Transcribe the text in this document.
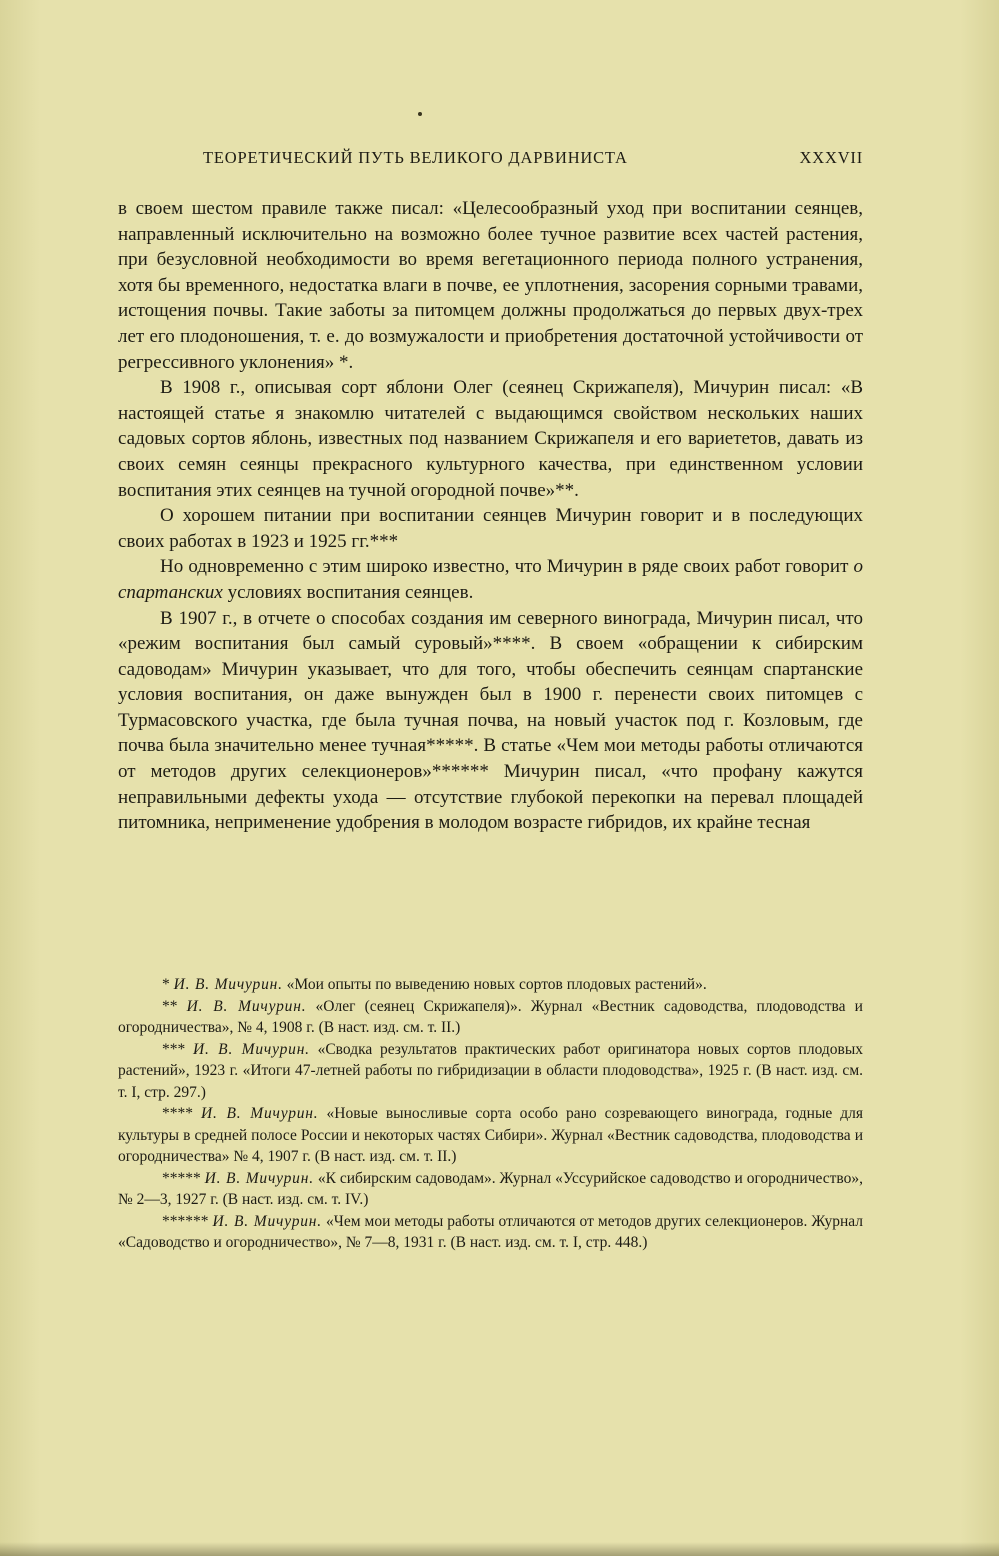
ТЕОРЕТИЧЕСКИЙ ПУТЬ ВЕЛИКОГО ДАРВИНИСТА	XXXVII

в своем шестом правиле также писал: «Целесообразный уход при воспитании сеянцев, направленный исключительно на возможно более тучное развитие всех частей растения, при безусловной необходимости во время вегетационного периода полного устранения, хотя бы временного, недостатка влаги в почве, ее уплотнения, засорения сорными травами, истощения почвы. Такие заботы за питомцем должны продолжаться до первых двух-трех лет его плодоношения, т. е. до возмужалости и приобретения достаточной устойчивости от регрессивного уклонения» *.

В 1908 г., описывая сорт яблони Олег (сеянец Скрижапеля), Мичурин писал: «В настоящей статье я знакомлю читателей с выдающимся свойством нескольких наших садовых сортов яблонь, известных под названием Скрижапеля и его вариететов, давать из своих семян сеянцы прекрасного культурного качества, при единственном условии воспитания этих сеянцев на тучной огородной почве»**.

О хорошем питании при воспитании сеянцев Мичурин говорит и в последующих своих работах в 1923 и 1925 гг.***

Но одновременно с этим широко известно, что Мичурин в ряде своих работ говорит о спартанских условиях воспитания сеянцев.

В 1907 г., в отчете о способах создания им северного винограда, Мичурин писал, что «режим воспитания был самый суровый»****. В своем «обращении к сибирским садоводам» Мичурин указывает, что для того, чтобы обеспечить сеянцам спартанские условия воспитания, он даже вынужден был в 1900 г. перенести своих питомцев с Турмасовского участка, где была тучная почва, на новый участок под г. Козловым, где почва была значительно менее тучная*****. В статье «Чем мои методы работы отличаются от методов других селекционеров»****** Мичурин писал, «что профану кажутся неправильными дефекты ухода — отсутствие глубокой перекопки на перевал площадей питомника, неприменение удобрения в молодом возрасте гибридов, их крайне тесная

* И. В. Мичурин. «Мои опыты по выведению новых сортов плодовых растений».

** И. В. Мичурин. «Олег (сеянец Скрижапеля)». Журнал «Вестник садоводства, плодоводства и огородничества», № 4, 1908 г. (В наст. изд. см. т. II.)

*** И. В. Мичурин. «Сводка результатов практических работ оригинатора новых сортов плодовых растений», 1923 г. «Итоги 47-летней работы по гибридизации в области плодоводства», 1925 г. (В наст. изд. см. т. I, стр. 297.)

**** И. В. Мичурин. «Новые выносливые сорта особо рано созревающего винограда, годные для культуры в средней полосе России и некоторых частях Сибири». Журнал «Вестник садоводства, плодоводства и огородничества» № 4, 1907 г. (В наст. изд. см. т. II.)

***** И. В. Мичурин. «К сибирским садоводам». Журнал «Уссурийское садоводство и огородничество», № 2—3, 1927 г. (В наст. изд. см. т. IV.)

****** И. В. Мичурин. «Чем мои методы работы отличаются от методов других селекционеров. Журнал «Садоводство и огородничество», № 7—8, 1931 г. (В наст. изд. см. т. I, стр. 448.)
